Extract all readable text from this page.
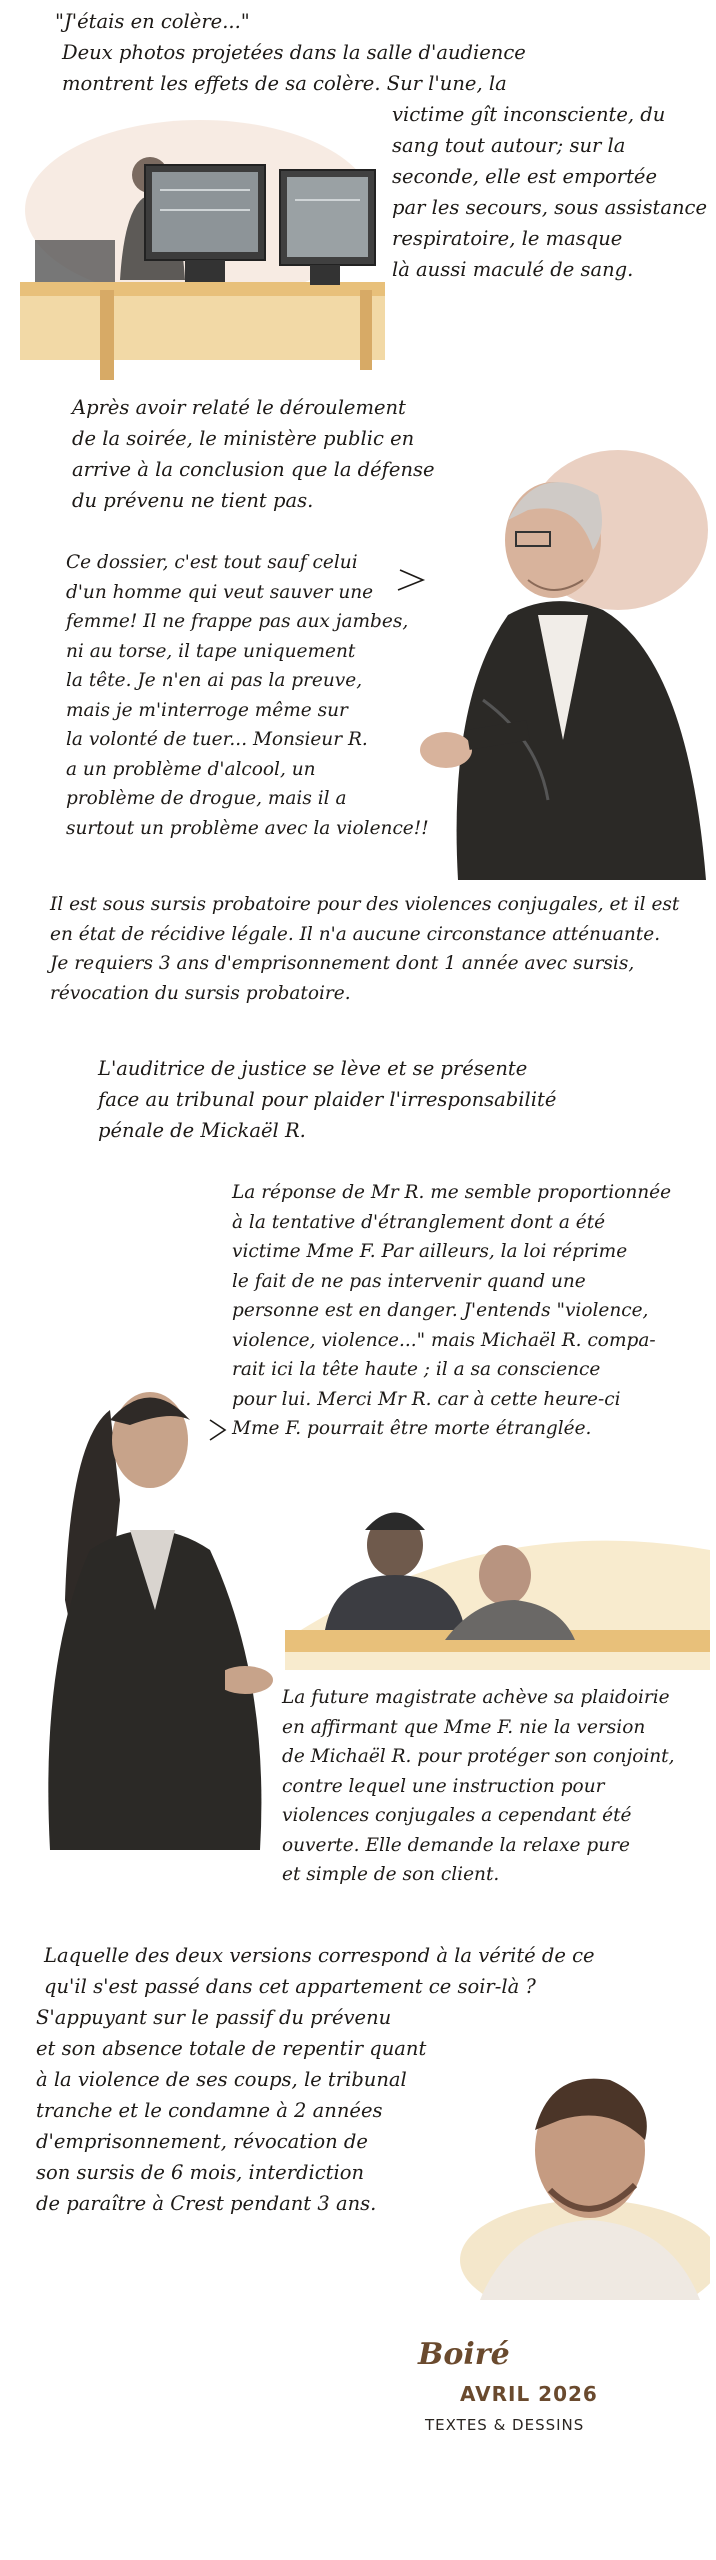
"J'étais en colère..."
Deux photos projetées dans la salle d'audience
montrent les effets de sa colère. Sur l'une, la
victime gît inconsciente, du
sang tout autour; sur la
seconde, elle est emportée
par les secours, sous assistance
respiratoire, le masque
là aussi maculé de sang.
Après avoir relaté le déroulement
de la soirée, le ministère public en
arrive à la conclusion que la défense
du prévenu ne tient pas.
Ce dossier, c'est tout sauf celui
d'un homme qui veut sauver une
femme! Il ne frappe pas aux jambes,
ni au torse, il tape uniquement
la tête. Je n'en ai pas la preuve,
mais je m'interroge même sur
la volonté de tuer... Monsieur R.
a un problème d'alcool, un
problème de drogue, mais il a
surtout un problème avec la violence!!
Il est sous sursis probatoire pour des violences conjugales, et il est
en état de récidive légale. Il n'a aucune circonstance atténuante.
Je requiers 3 ans d'emprisonnement dont 1 année avec sursis,
révocation du sursis probatoire.
L'auditrice de justice se lève et se présente
face au tribunal pour plaider l'irresponsabilité
pénale de Mickaël R.
La réponse de Mr R. me semble proportionnée
à la tentative d'étranglement dont a été
victime Mme F. Par ailleurs, la loi réprime
le fait de ne pas intervenir quand une
personne est en danger. J'entends "violence,
violence, violence..." mais Michaël R. compa-
rait ici la tête haute ; il a sa conscience
pour lui. Merci Mr R. car à cette heure-ci
Mme F. pourrait être morte étranglée.
La future magistrate achève sa plaidoirie
en affirmant que Mme F. nie la version
de Michaël R. pour protéger son conjoint,
contre lequel une instruction pour
violences conjugales a cependant été
ouverte. Elle demande la relaxe pure
et simple de son client.
Laquelle des deux versions correspond à la vérité de ce
qu'il s'est passé dans cet appartement ce soir-là ?
S'appuyant sur le passif du prévenu
et son absence totale de repentir quant
à la violence de ses coups, le tribunal
tranche et le condamne à 2 années
d'emprisonnement, révocation de
son sursis de 6 mois, interdiction
de paraître à Crest pendant 3 ans.
Boiré
AVRIL 2026
TEXTES & DESSINS
